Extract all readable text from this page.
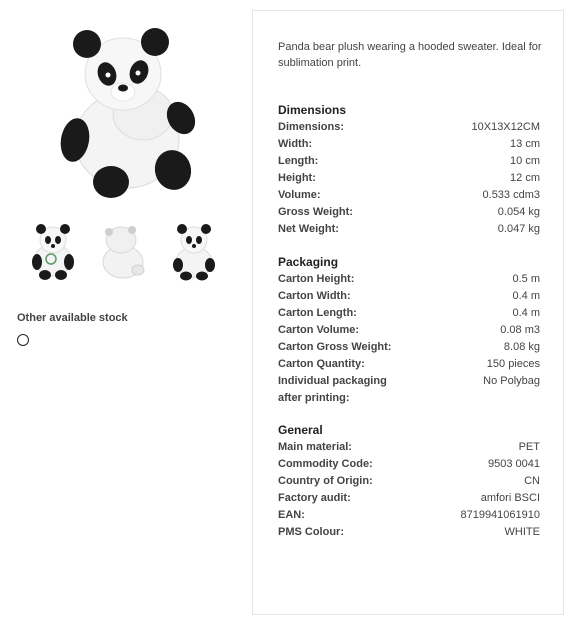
Other available stock
Panda bear plush wearing a hooded sweater. Ideal for sublimation print.
Dimensions
Dimensions:	10X13X12CM
Width:	13 cm
Length:	10 cm
Height:	12 cm
Volume:	0.533 cdm3
Gross Weight:	0.054 kg
Net Weight:	0.047 kg
Packaging
Carton Height:	0.5 m
Carton Width:	0.4 m
Carton Length:	0.4 m
Carton Volume:	0.08 m3
Carton Gross Weight:	8.08 kg
Carton Quantity:	150 pieces
Individual packaging after printing:
No Polybag
General
Main material:	PET
Commodity Code:	9503 0041
Country of Origin:	CN
Factory audit:	amfori BSCI
EAN:	8719941061910
PMS Colour:	WHITE
